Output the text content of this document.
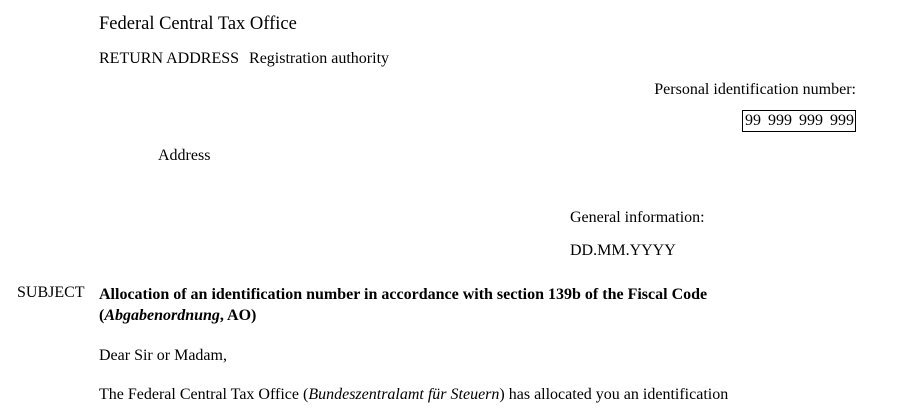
Federal Central Tax Office
RETURN ADDRESS Registration authority
Personal identification number:
99 999 999 999
Address
General information:
DD.MM.YYYY
SUBJECT Allocation of an identification number in accordance with section 139b of the Fiscal Code
(Abgabenordnung, AO)
Dear Sir or Madam,
The Federal Central Tax Office (Bundeszentralamt für Steuern) has allocated you an identification
